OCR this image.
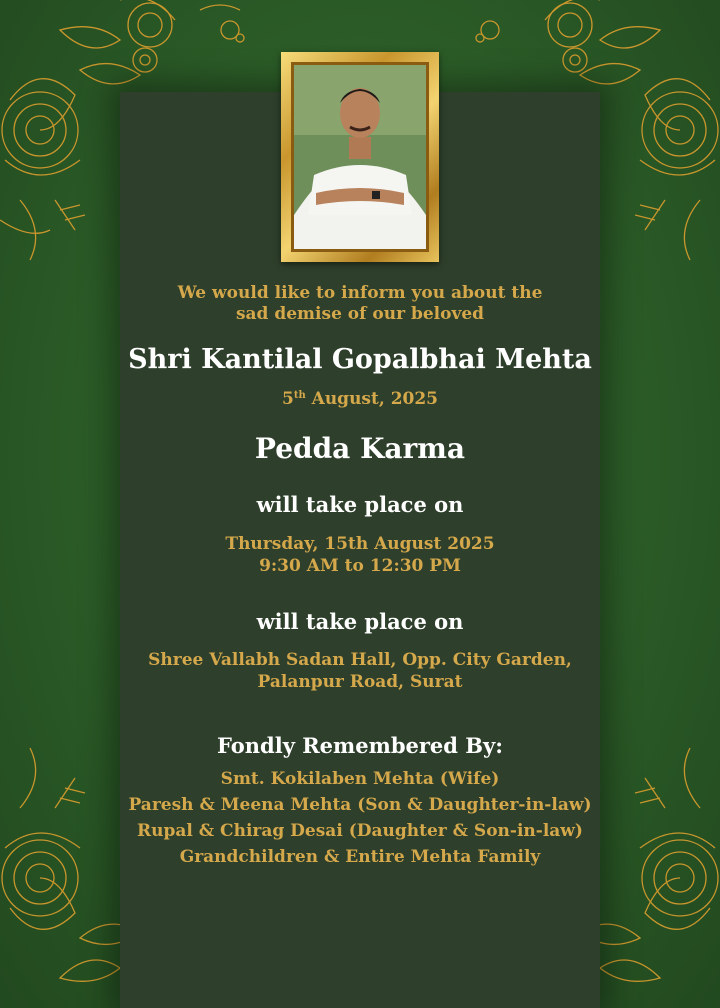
We would like to inform you about the
sad demise of our beloved
Shri Kantilal Gopalbhai Mehta
5th August, 2025
Pedda Karma
will take place on
Thursday, 15th August 2025
9:30 AM to 12:30 PM
will take place on
Shree Vallabh Sadan Hall, Opp. City Garden,
Palanpur Road, Surat
Fondly Remembered By:
Smt. Kokilaben Mehta (Wife)
Paresh & Meena Mehta (Son & Daughter-in-law)
Rupal & Chirag Desai (Daughter & Son-in-law)
Grandchildren & Entire Mehta Family
